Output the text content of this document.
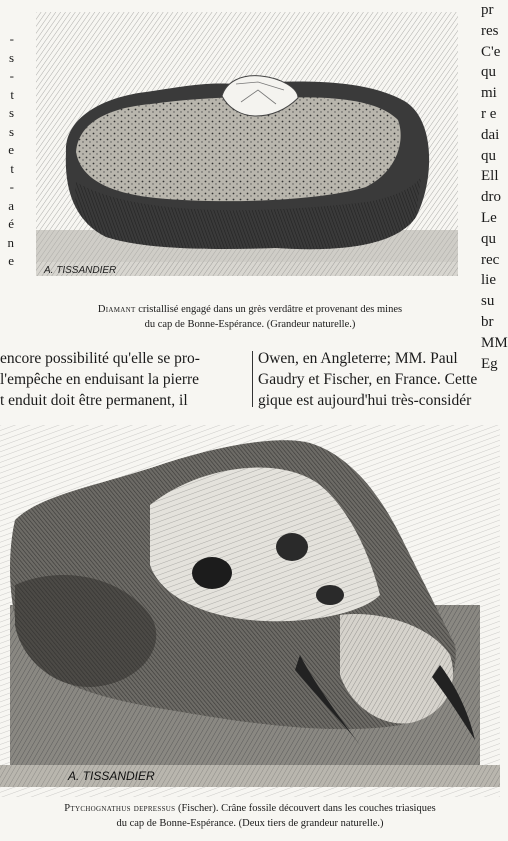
-
s
-
t
s
s
e
t
-
a
é
n
e
pr
res
C'e
qu
mi
r e
dai
qu
Ell
dro
Le
qu
rec
lie
su
br
MM
Eg
A. TISSANDIER
Diamant cristallisé engagé dans un grès verdâtre et provenant des mines
du cap de Bonne-Espérance. (Grandeur naturelle.)
encore possibilité qu'elle se pro-
l'empêche en enduisant la pierre
t enduit doit être permanent, il
Owen, en Angleterre; MM. Paul
Gaudry et Fischer, en France. Cette
gique est aujourd'hui très-considér
A. TISSANDIER
Ptychognathus depressus (Fischer). Crâne fossile découvert dans les couches triasiques
du cap de Bonne-Espérance. (Deux tiers de grandeur naturelle.)
